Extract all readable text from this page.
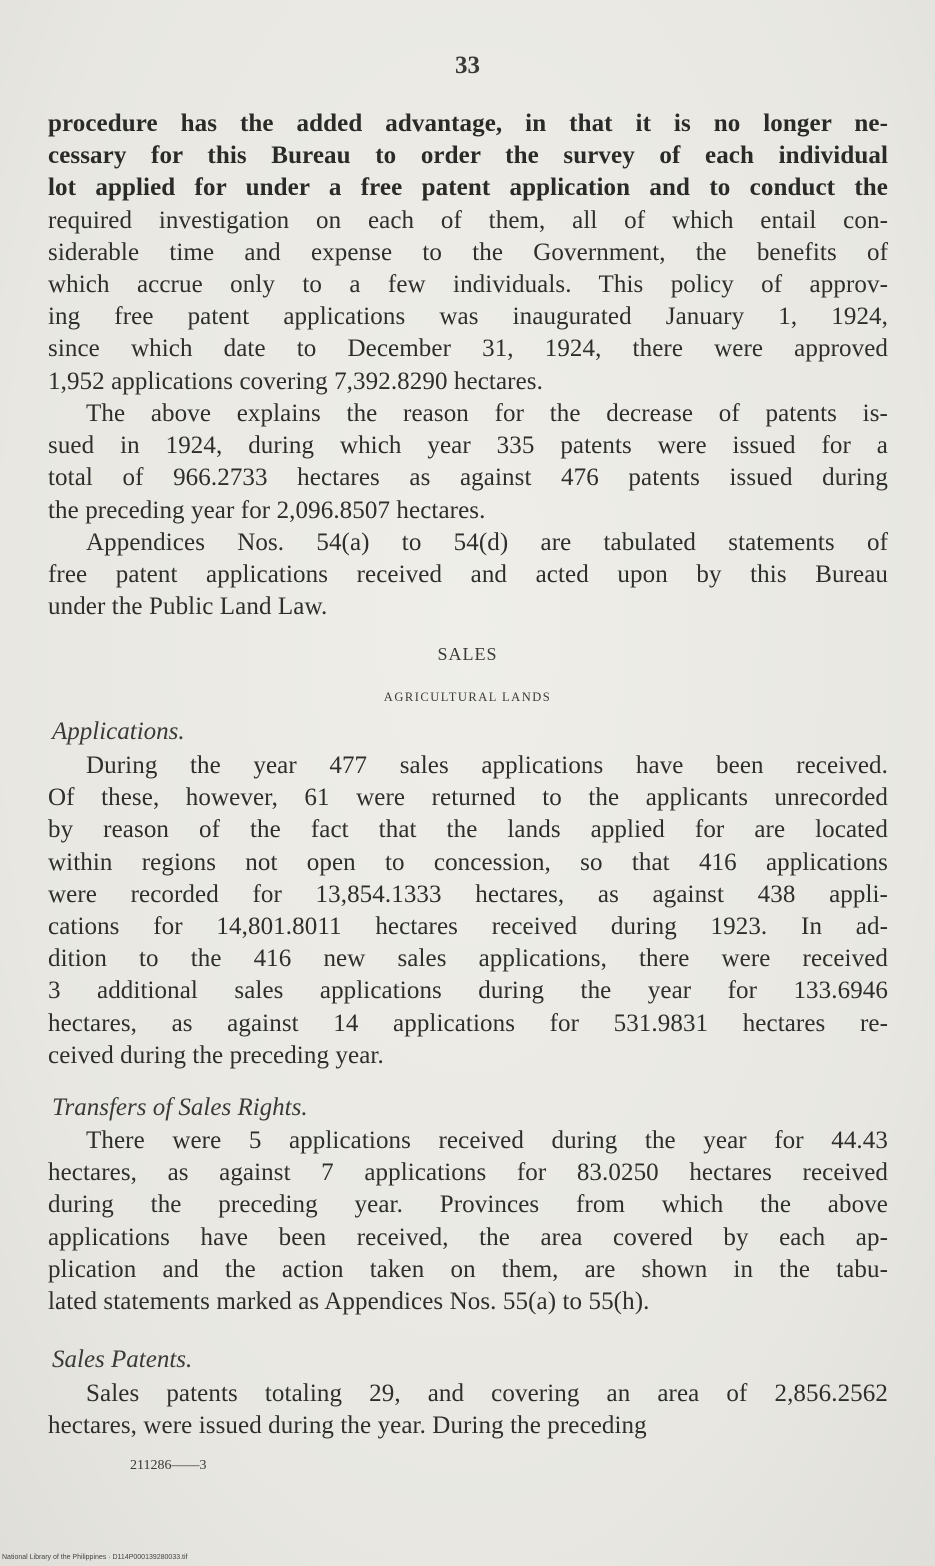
33

procedure has the added advantage, in that it is no longer ne-

cessary for this Bureau to order the survey of each individual

lot applied for under a free patent application and to conduct the

required investigation on each of them, all of which entail con-

siderable time and expense to the Government, the benefits of

which accrue only to a few individuals. This policy of approv-

ing free patent applications was inaugurated January 1, 1924,

since which date to December 31, 1924, there were approved

1,952 applications covering 7,392.8290 hectares.

The above explains the reason for the decrease of patents is-

sued in 1924, during which year 335 patents were issued for a

total of 966.2733 hectares as against 476 patents issued during

the preceding year for 2,096.8507 hectares.

Appendices Nos. 54(a) to 54(d) are tabulated statements of

free patent applications received and acted upon by this Bureau

under the Public Land Law.

SALES
AGRICULTURAL LANDS
Applications.

During the year 477 sales applications have been received.

Of these, however, 61 were returned to the applicants unrecorded

by reason of the fact that the lands applied for are located

within regions not open to concession, so that 416 applications

were recorded for 13,854.1333 hectares, as against 438 appli-

cations for 14,801.8011 hectares received during 1923. In ad-

dition to the 416 new sales applications, there were received

3 additional sales applications during the year for 133.6946

hectares, as against 14 applications for 531.9831 hectares re-

ceived during the preceding year.

Transfers of Sales Rights.

There were 5 applications received during the year for 44.43

hectares, as against 7 applications for 83.0250 hectares received

during the preceding year. Provinces from which the above

applications have been received, the area covered by each ap-

plication and the action taken on them, are shown in the tabu-

lated statements marked as Appendices Nos. 55(a) to 55(h).

Sales Patents.

Sales patents totaling 29, and covering an area of 2,856.2562

hectares, were issued during the year. During the preceding

211286——3
National Library of the Philippines · D114P000139280033.tif
